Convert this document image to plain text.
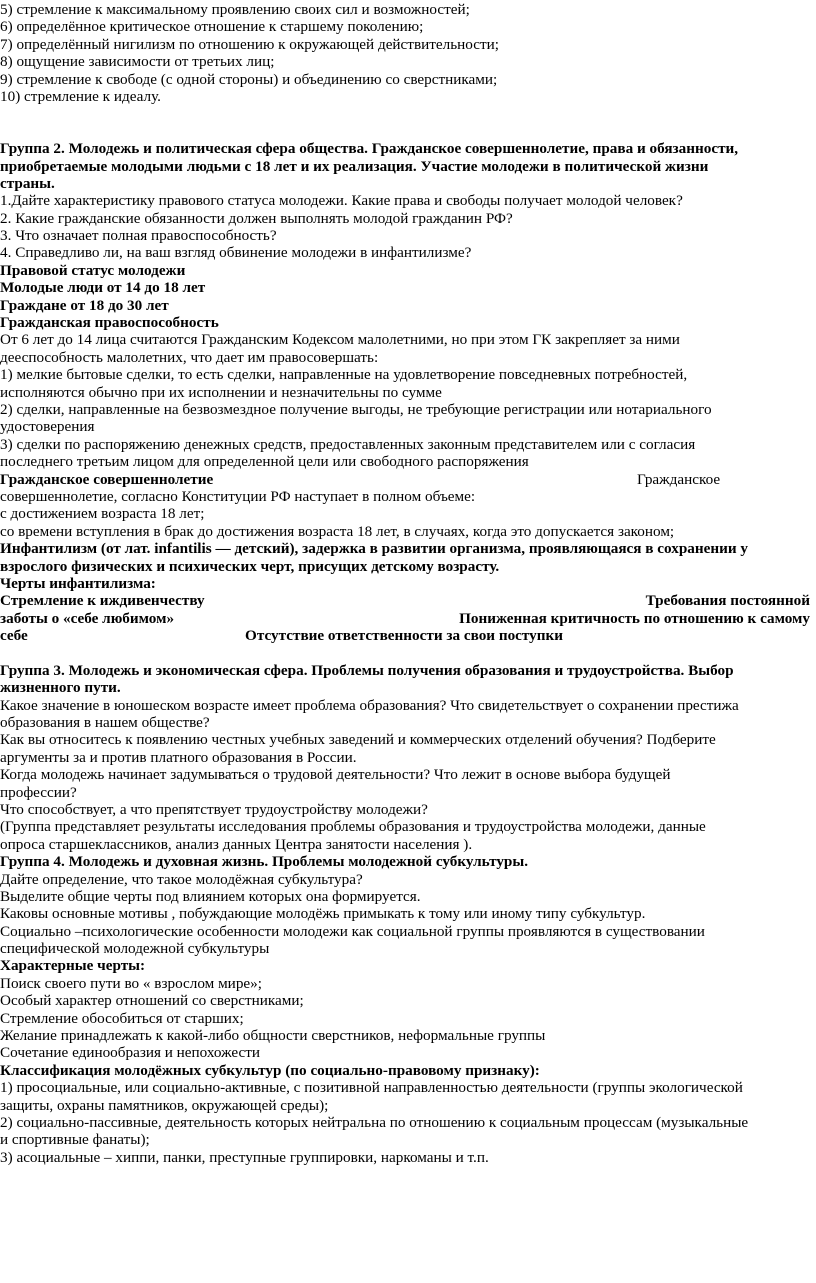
5) стремление к максимальному проявлению своих сил и возможностей;
6) определённое критическое отношение к старшему поколению;
7) определённый нигилизм по отношению к окружающей действительности;
8) ощущение зависимости от третьих лиц;
9) стремление к свободе (с одной стороны) и объединению со сверстниками;
10) стремление к идеалу.
Группа 2. Молодежь и политическая сфера общества. Гражданское совершеннолетие, права и обязанности,
приобретаемые молодыми людьми с 18 лет и их реализация. Участие молодежи в политической жизни
страны.
1.Дайте характеристику правового статуса молодежи. Какие права и свободы получает молодой человек?
2. Какие гражданские обязанности должен выполнять молодой гражданин РФ?
3. Что означает полная правоспособность?
4. Справедливо ли, на ваш взгляд обвинение молодежи в инфантилизме?
Правовой статус молодежи
Молодые люди от 14 до 18 лет
Граждане от 18 до 30 лет
Гражданская правоспособность
От 6 лет до 14 лица считаются Гражданским Кодексом малолетними, но при этом ГК закрепляет за ними
дееспособность малолетних, что дает им правосовершать:
1) мелкие бытовые сделки, то есть сделки, направленные на удовлетворение повседневных потребностей,
исполняются обычно при их исполнении и незначительны по сумме
2) сделки, направленные на безвозмездное получение выгоды, не требующие регистрации или нотариального
удостоверения
3) сделки по распоряжению денежных средств, предоставленных законным представителем или с согласия
последнего третьим лицом для определенной цели или свободного распоряжения
Гражданское совершеннолетие	Гражданское
совершеннолетие, согласно Конституции РФ наступает в полном объеме:
с достижением возраста 18 лет;
со времени вступления в брак до достижения возраста 18 лет, в случаях, когда это допускается законом;
Инфантилизм (от лат. infantilis — детский), задержка в развитии организма, проявляющаяся в сохранении у
взрослого физических и психических черт, присущих детскому возрасту.
Черты инфантилизма:
Стремление к иждивенчеству	Требования постоянной
заботы о «себе любимом»	Пониженная критичность по отношению к самому
себе	Отсутствие ответственности за свои поступки
Группа 3. Молодежь и экономическая сфера. Проблемы получения образования и трудоустройства. Выбор
жизненного пути.
Какое значение в юношеском возрасте имеет проблема образования? Что свидетельствует о сохранении престижа
образования в нашем обществе?
Как вы относитесь к появлению честных учебных заведений и коммерческих отделений обучения? Подберите
аргументы за и против платного образования в России.
Когда молодежь начинает задумываться о трудовой деятельности? Что лежит в основе выбора будущей
профессии?
Что способствует, а что препятствует трудоустройству молодежи?
(Группа представляет результаты исследования проблемы образования и трудоустройства молодежи, данные
опроса старшеклассников, анализ данных Центра занятости населения ).
Группа 4. Молодежь и духовная жизнь. Проблемы молодежной субкультуры.
Дайте определение, что такое молодёжная субкультура?
Выделите общие черты под влиянием которых она формируется.
Каковы основные мотивы , побуждающие молодёжь примыкать к тому или иному типу субкультур.
Социально –психологические особенности молодежи как социальной группы проявляются в существовании
специфической молодежной субкультуры
Характерные черты:
Поиск своего пути во « взрослом мире»;
Особый характер отношений со сверстниками;
Стремление обособиться от старших;
Желание принадлежать к какой-либо общности сверстников, неформальные группы
Сочетание единообразия и непохожести
Классификация молодёжных субкультур (по социально-правовому признаку):
1) просоциальные, или социально-активные, с позитивной направленностью деятельности (группы экологической
защиты, охраны памятников, окружающей среды);
2) социально-пассивные, деятельность которых нейтральна по отношению к социальным процессам (музыкальные
и спортивные фанаты);
3) асоциальные – хиппи, панки, преступные группировки, наркоманы и т.п.
